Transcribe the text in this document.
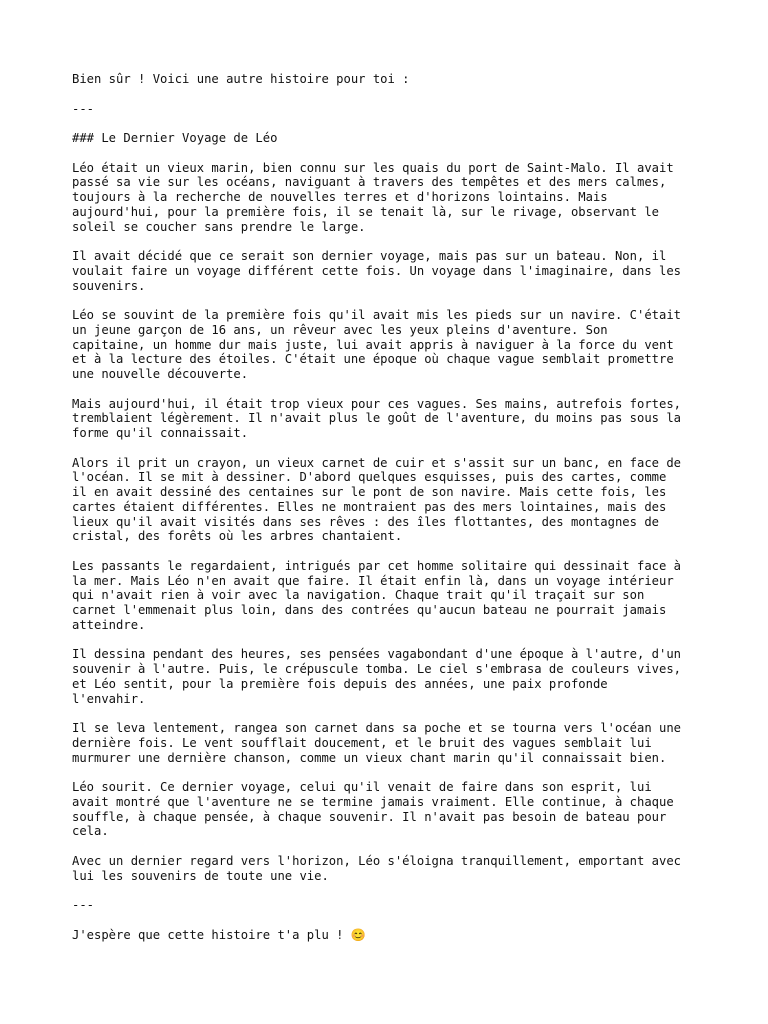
Bien sûr ! Voici une autre histoire pour toi :

---

### Le Dernier Voyage de Léo

Léo était un vieux marin, bien connu sur les quais du port de Saint-Malo. Il avait
passé sa vie sur les océans, naviguant à travers des tempêtes et des mers calmes,
toujours à la recherche de nouvelles terres et d'horizons lointains. Mais
aujourd'hui, pour la première fois, il se tenait là, sur le rivage, observant le
soleil se coucher sans prendre le large.
Il avait décidé que ce serait son dernier voyage, mais pas sur un bateau. Non, il
voulait faire un voyage différent cette fois. Un voyage dans l'imaginaire, dans les
souvenirs.
Léo se souvint de la première fois qu'il avait mis les pieds sur un navire. C'était
un jeune garçon de 16 ans, un rêveur avec les yeux pleins d'aventure. Son
capitaine, un homme dur mais juste, lui avait appris à naviguer à la force du vent
et à la lecture des étoiles. C'était une époque où chaque vague semblait promettre
une nouvelle découverte.
Mais aujourd'hui, il était trop vieux pour ces vagues. Ses mains, autrefois fortes,
tremblaient légèrement. Il n'avait plus le goût de l'aventure, du moins pas sous la
forme qu'il connaissait.
Alors il prit un crayon, un vieux carnet de cuir et s'assit sur un banc, en face de
l'océan. Il se mit à dessiner. D'abord quelques esquisses, puis des cartes, comme
il en avait dessiné des centaines sur le pont de son navire. Mais cette fois, les
cartes étaient différentes. Elles ne montraient pas des mers lointaines, mais des
lieux qu'il avait visités dans ses rêves : des îles flottantes, des montagnes de
cristal, des forêts où les arbres chantaient.
Les passants le regardaient, intrigués par cet homme solitaire qui dessinait face à
la mer. Mais Léo n'en avait que faire. Il était enfin là, dans un voyage intérieur
qui n'avait rien à voir avec la navigation. Chaque trait qu'il traçait sur son
carnet l'emmenait plus loin, dans des contrées qu'aucun bateau ne pourrait jamais
atteindre.
Il dessina pendant des heures, ses pensées vagabondant d'une époque à l'autre, d'un
souvenir à l'autre. Puis, le crépuscule tomba. Le ciel s'embrasa de couleurs vives,
et Léo sentit, pour la première fois depuis des années, une paix profonde
l'envahir.
Il se leva lentement, rangea son carnet dans sa poche et se tourna vers l'océan une
dernière fois. Le vent soufflait doucement, et le bruit des vagues semblait lui
murmurer une dernière chanson, comme un vieux chant marin qu'il connaissait bien.
Léo sourit. Ce dernier voyage, celui qu'il venait de faire dans son esprit, lui
avait montré que l'aventure ne se termine jamais vraiment. Elle continue, à chaque
souffle, à chaque pensée, à chaque souvenir. Il n'avait pas besoin de bateau pour
cela.
Avec un dernier regard vers l'horizon, Léo s'éloigna tranquillement, emportant avec
lui les souvenirs de toute une vie.

---

J'espère que cette histoire t'a plu ! 😊
